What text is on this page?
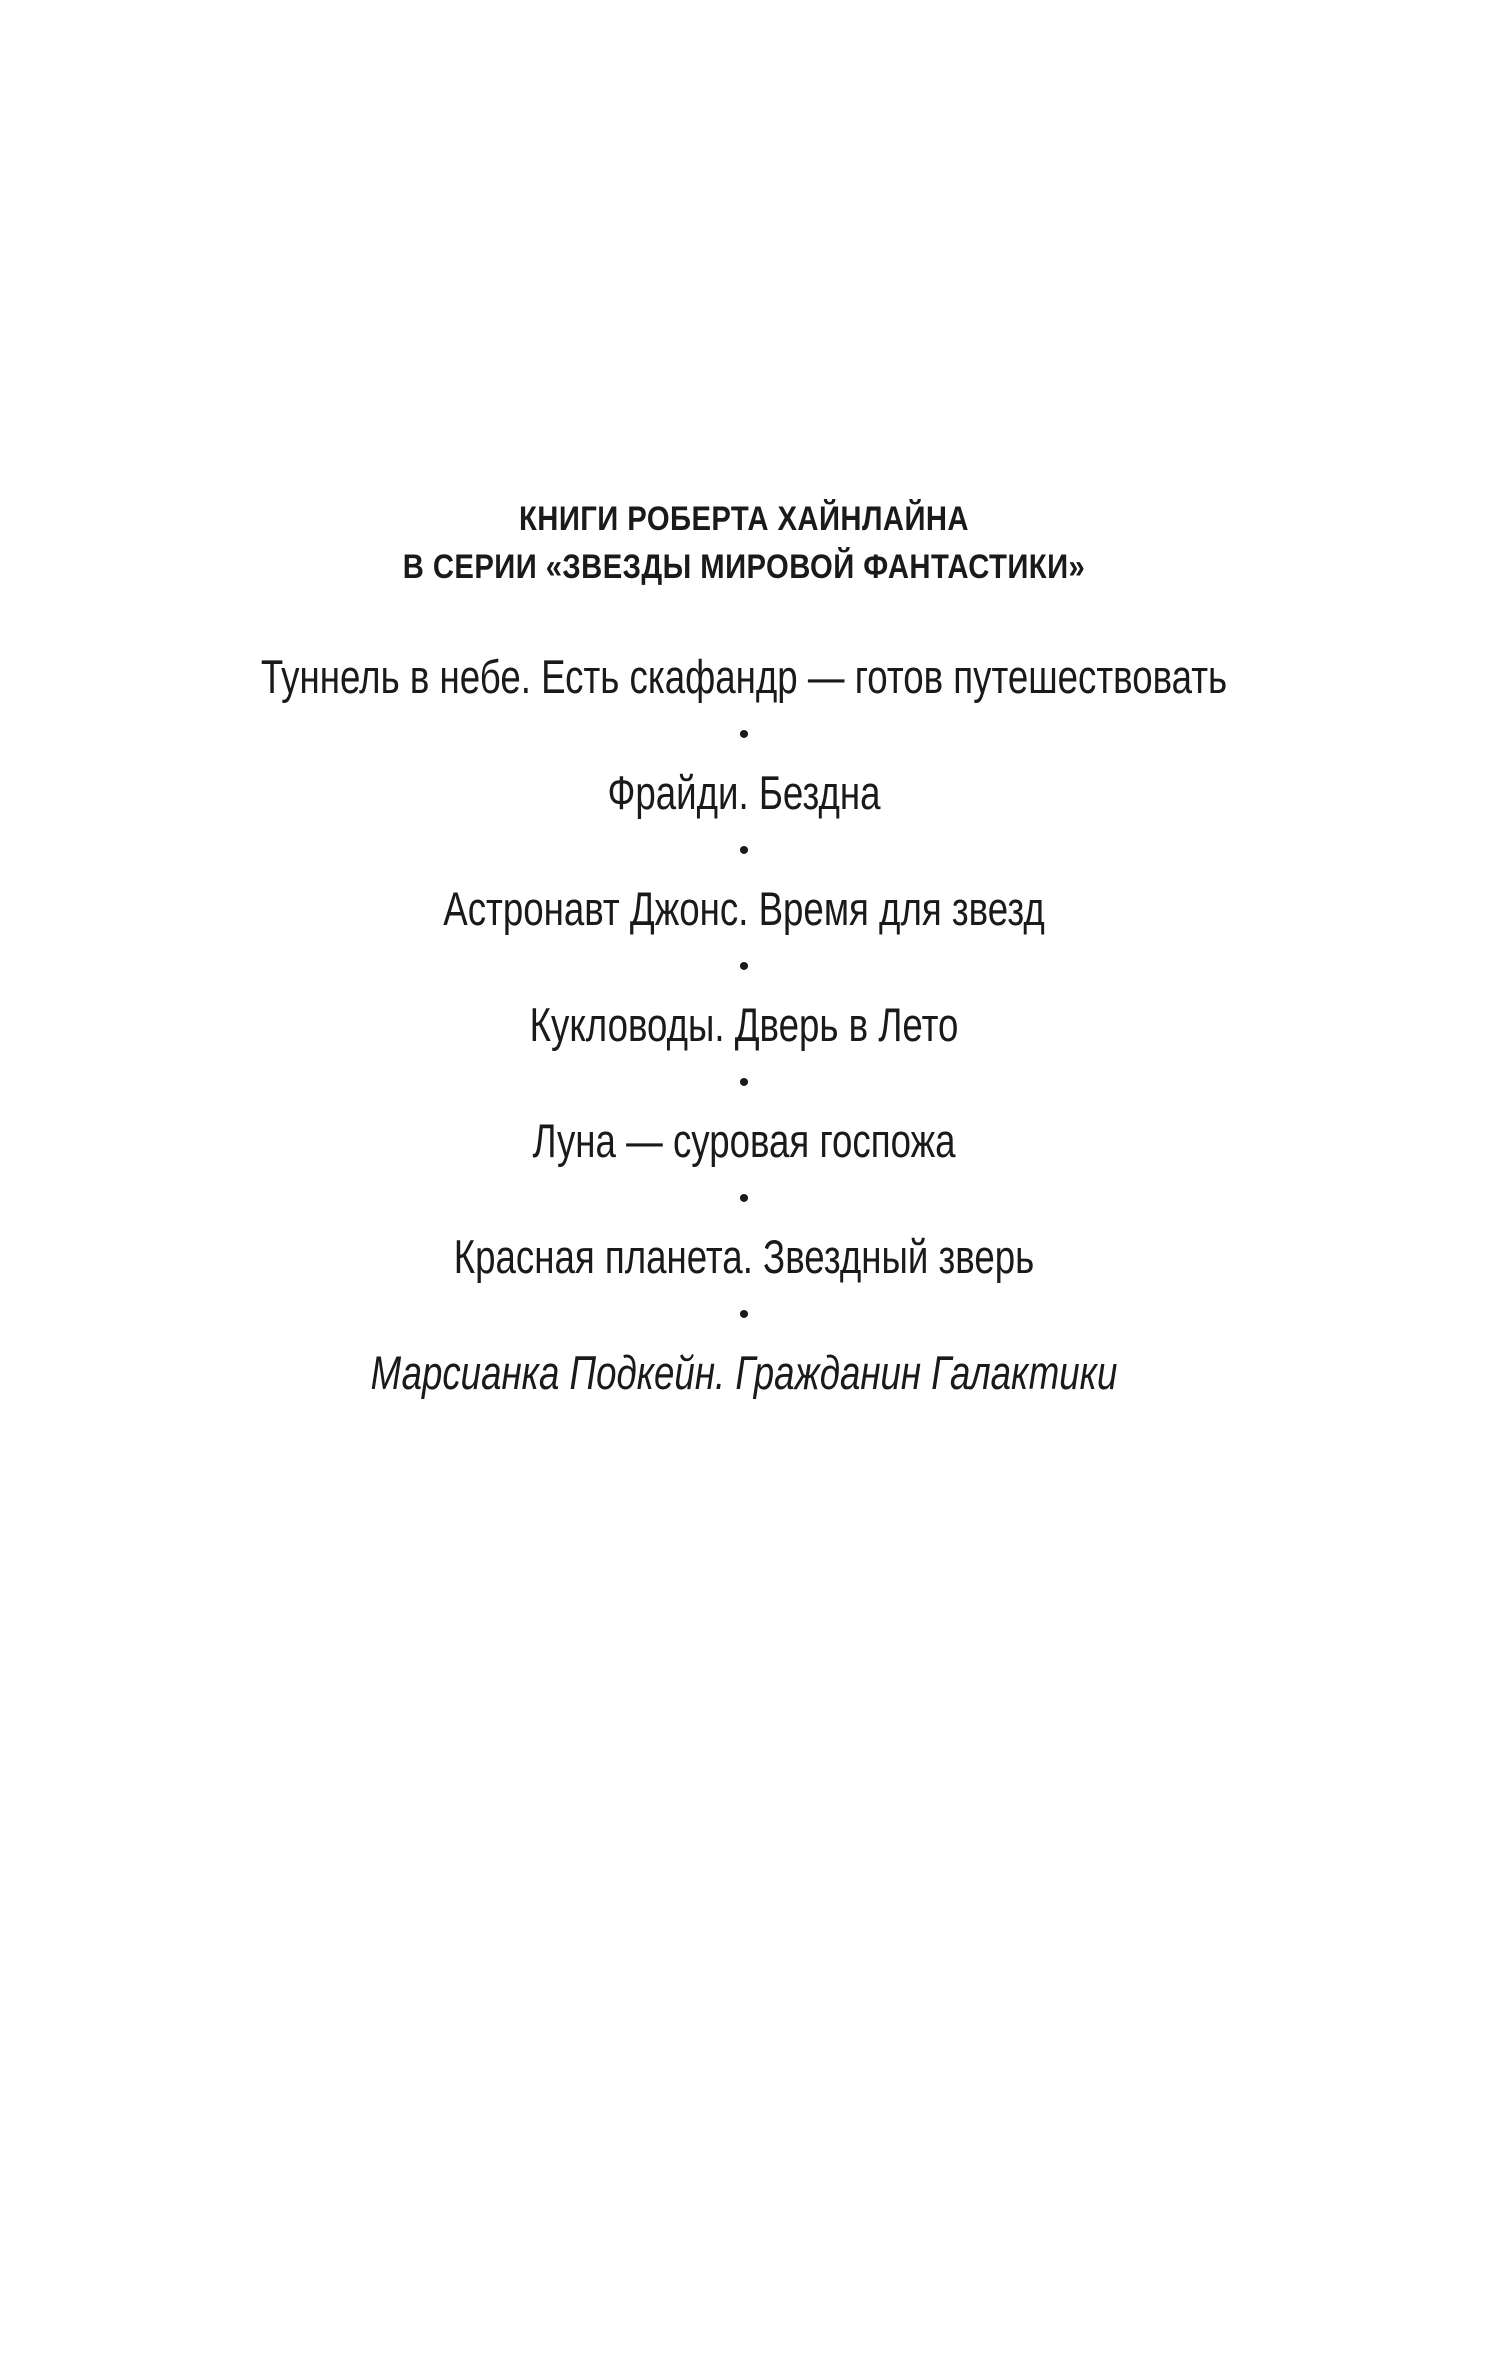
КНИГИ РОБЕРТА ХАЙНЛАЙНА
В СЕРИИ «ЗВЕЗДЫ МИРОВОЙ ФАНТАСТИКИ»
Туннель в небе. Есть скафандр — готов путешествовать
•
Фрайди. Бездна
•
Астронавт Джонс. Время для звезд
•
Кукловоды. Дверь в Лето
•
Луна — суровая госпожа
•
Красная планета. Звездный зверь
•
Марсианка Подкейн. Гражданин Галактики
